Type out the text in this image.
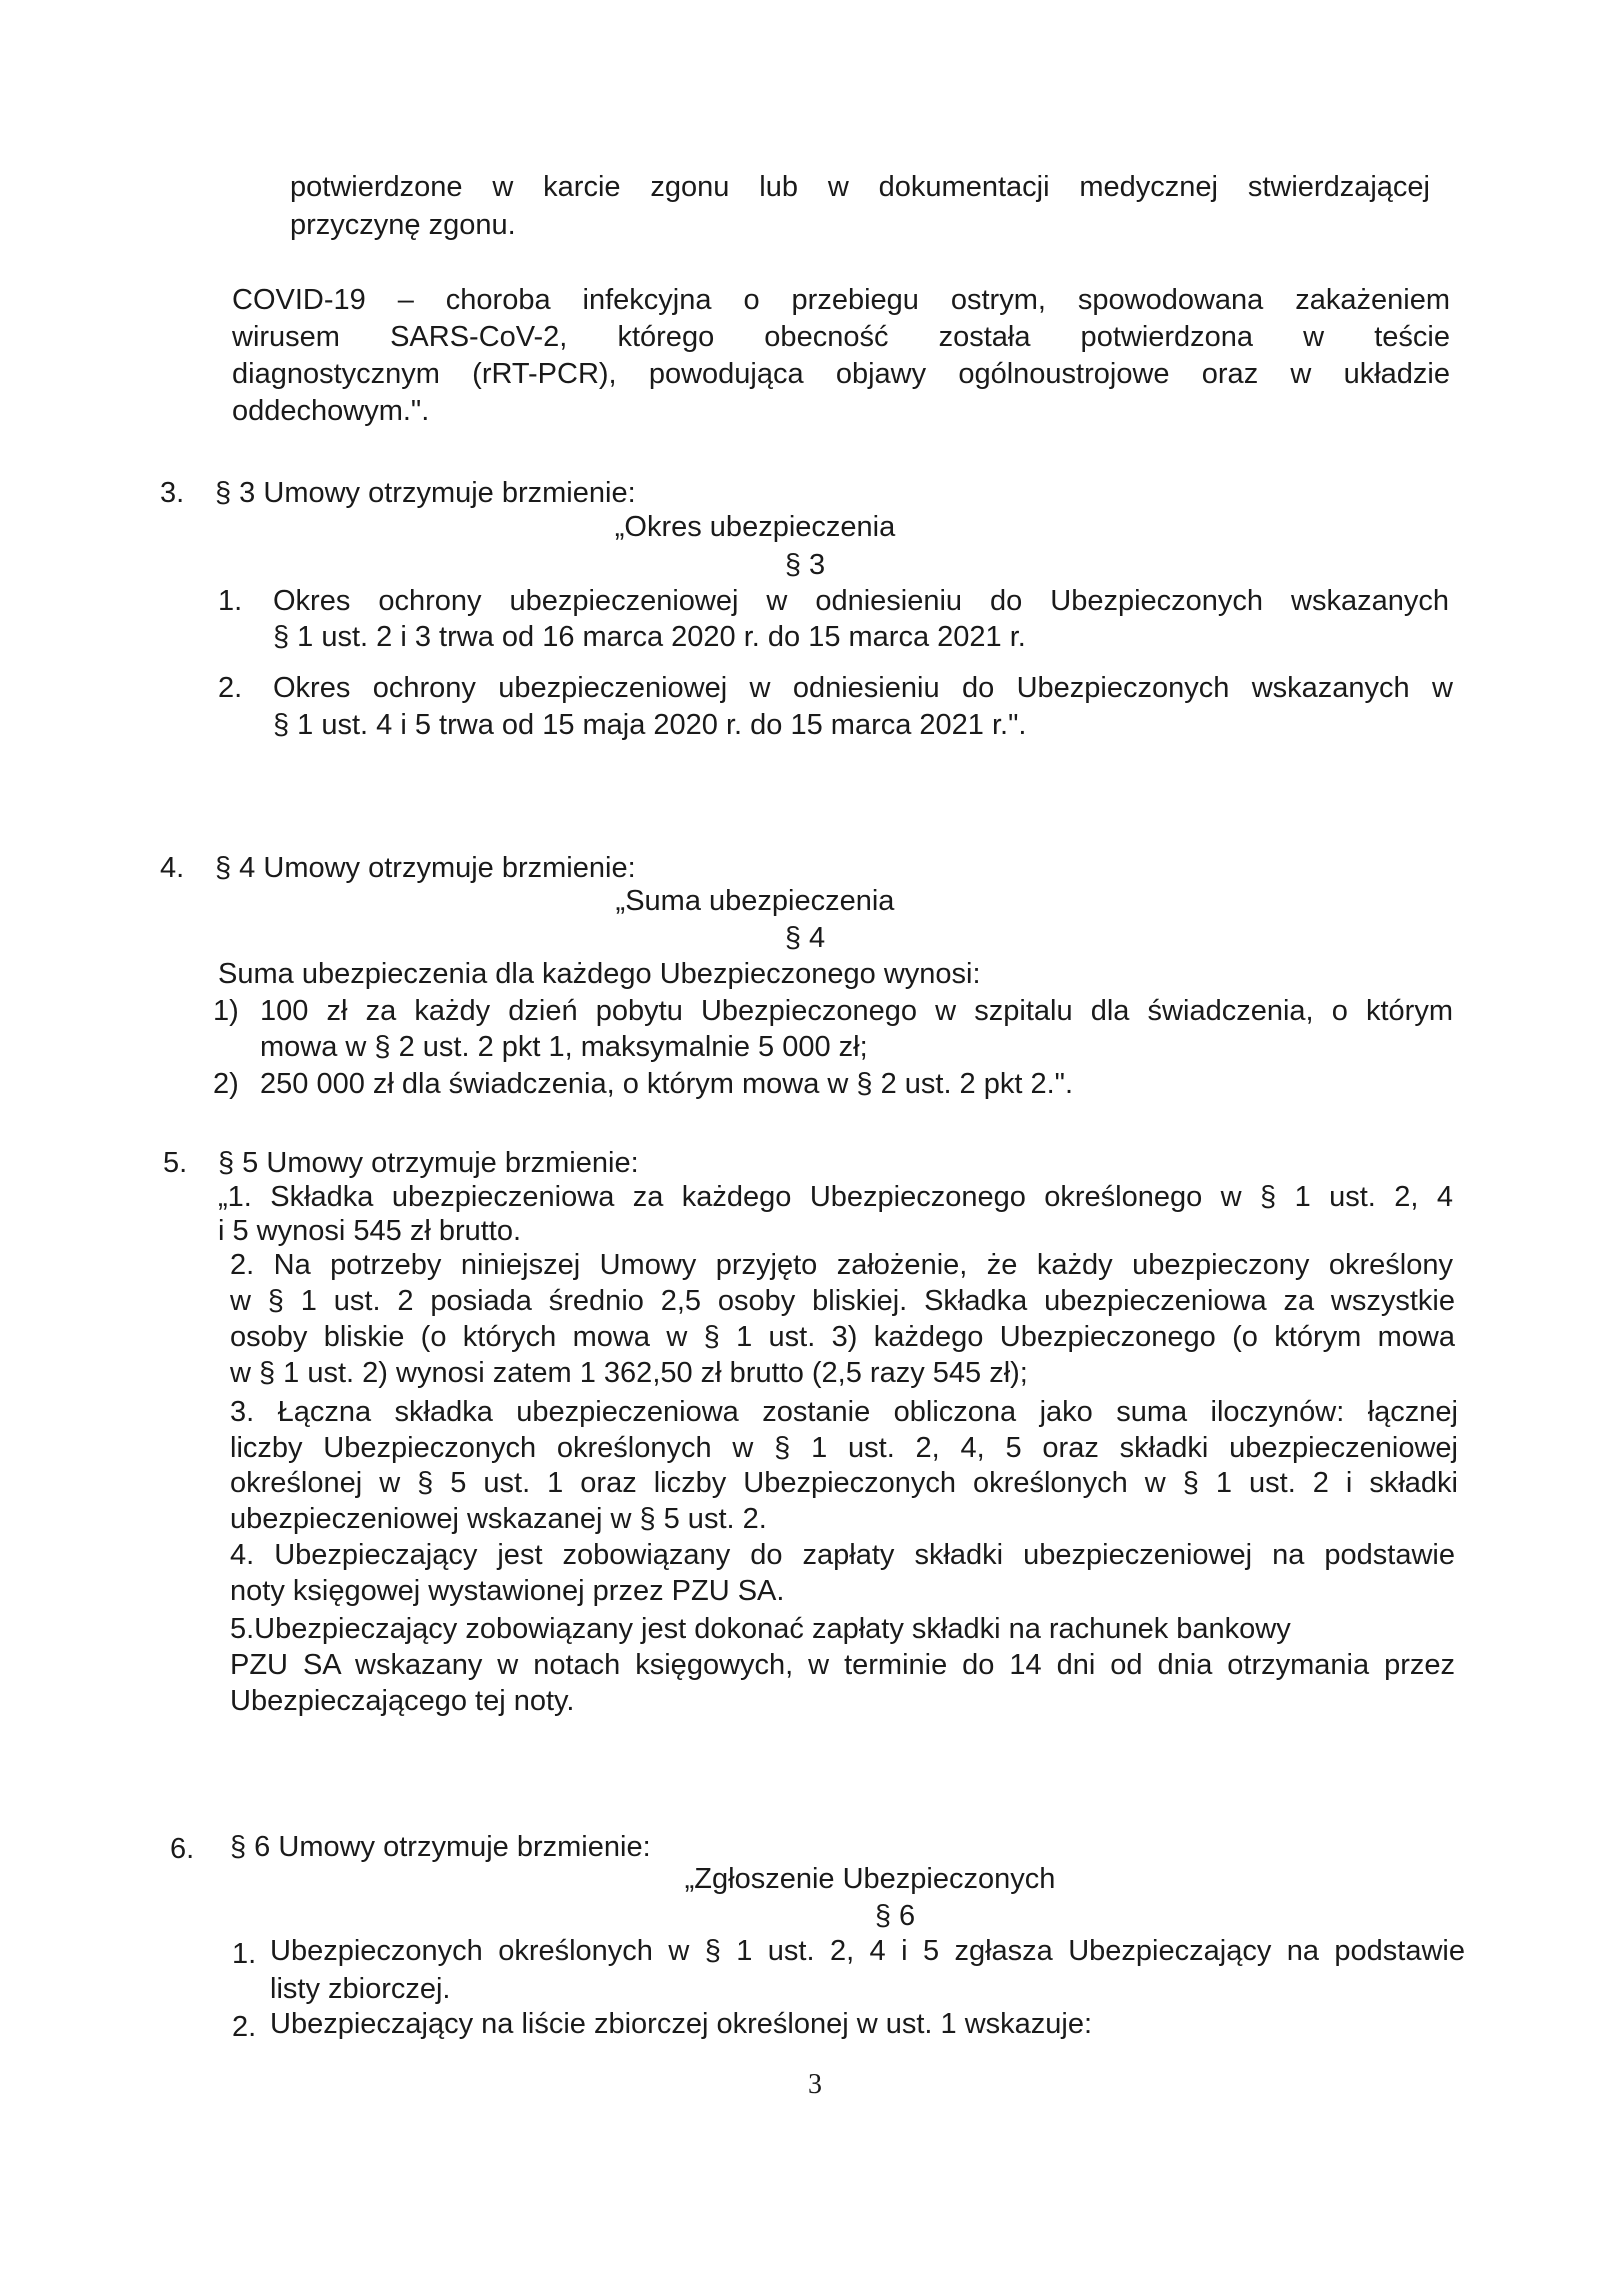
potwierdzone w karcie zgonu lub w dokumentacji medycznej stwierdzającej

przyczynę zgonu.

COVID-19 – choroba infekcyjna o przebiegu ostrym, spowodowana zakażeniem

wirusem SARS-CoV-2, którego obecność została potwierdzona w teście

diagnostycznym (rRT-PCR), powodująca objawy ogólnoustrojowe oraz w układzie

oddechowym.".

3. § 3 Umowy otrzymuje brzmienie:

„Okres ubezpieczenia

§ 3

1. Okres ochrony ubezpieczeniowej w odniesieniu do Ubezpieczonych wskazanych

§ 1 ust. 2 i 3 trwa od 16 marca 2020 r. do 15 marca 2021 r.

2. Okres ochrony ubezpieczeniowej w odniesieniu do Ubezpieczonych wskazanych w

§ 1 ust. 4 i 5 trwa od 15 maja 2020 r. do 15 marca 2021 r.".

4. § 4 Umowy otrzymuje brzmienie:

„Suma ubezpieczenia

§ 4

Suma ubezpieczenia dla każdego Ubezpieczonego wynosi:

1) 100 zł za każdy dzień pobytu Ubezpieczonego w szpitalu dla świadczenia, o którym

mowa w § 2 ust. 2 pkt 1, maksymalnie 5 000 zł;

2) 250 000 zł dla świadczenia, o którym mowa w § 2 ust. 2 pkt 2.".

5. § 5 Umowy otrzymuje brzmienie:

„1. Składka ubezpieczeniowa za każdego Ubezpieczonego określonego w § 1 ust. 2, 4

i 5 wynosi 545 zł brutto.

2. Na potrzeby niniejszej Umowy przyjęto założenie, że każdy ubezpieczony określony

w § 1 ust. 2 posiada średnio 2,5 osoby bliskiej. Składka ubezpieczeniowa za wszystkie

osoby bliskie (o których mowa w § 1 ust. 3) każdego Ubezpieczonego (o którym mowa

w § 1 ust. 2) wynosi zatem 1 362,50 zł brutto (2,5 razy 545 zł);

3. Łączna składka ubezpieczeniowa zostanie obliczona jako suma iloczynów: łącznej

liczby Ubezpieczonych określonych w § 1 ust. 2, 4, 5 oraz składki ubezpieczeniowej

określonej w § 5 ust. 1 oraz liczby Ubezpieczonych określonych w § 1 ust. 2 i składki

ubezpieczeniowej wskazanej w § 5 ust. 2.

4. Ubezpieczający jest zobowiązany do zapłaty składki ubezpieczeniowej na podstawie

noty księgowej wystawionej przez PZU SA.

5.Ubezpieczający zobowiązany jest dokonać zapłaty składki na rachunek bankowy

PZU SA wskazany w notach księgowych, w terminie do 14 dni od dnia otrzymania przez

Ubezpieczającego tej noty.

6. § 6 Umowy otrzymuje brzmienie:

„Zgłoszenie Ubezpieczonych

§ 6

1. Ubezpieczonych określonych w § 1 ust. 2, 4 i 5 zgłasza Ubezpieczający na podstawie

listy zbiorczej.

2. Ubezpieczający na liście zbiorczej określonej w ust. 1 wskazuje:

3
